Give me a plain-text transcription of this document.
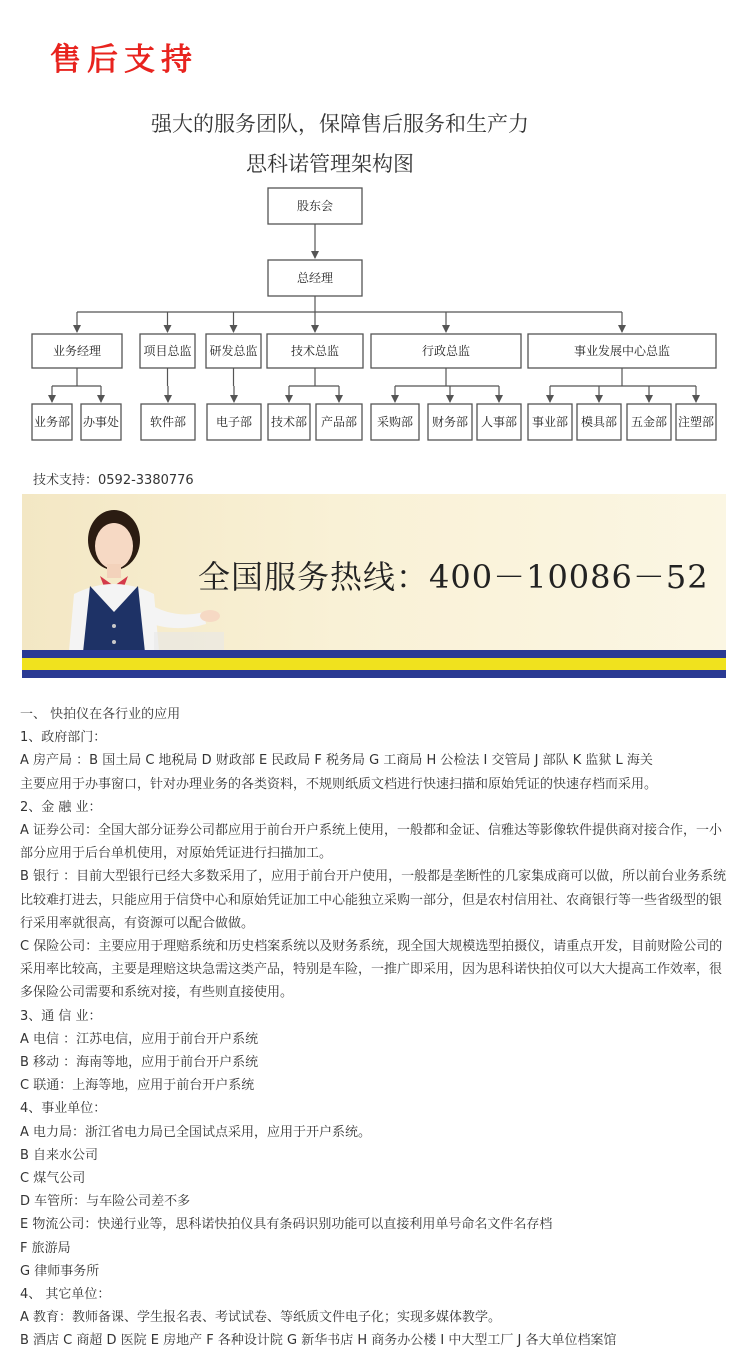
售后支持
强大的服务团队，保障售后服务和生产力
思科诺管理架构图
股东会
总经理
业务经理
业务部 办事处
项目总监
软件部
研发总监
电子部
技术总监
技术部 产品部
行政总监
采购部 财务部 人事部
事业发展中心总监
事业部 模具部 五金部 注塑部
技术支持：0592-3380776
全国服务热线：400－10086－52

一、 快拍仪在各行业的应用

1、政府部门：

A 房产局 ：B 国土局 C 地税局 D 财政部 E 民政局 F 税务局 G 工商局 H 公检法 I 交管局 J 部队 K 监狱 L 海关

主要应用于办事窗口，针对办理业务的各类资料，不规则纸质文档进行快速扫描和原始凭证的快速存档而采用。

2、金 融 业：

A 证券公司：全国大部分证券公司都应用于前台开户系统上使用，一般都和金证、信雅达等影像软件提供商对接合作，一小部分应用于后台单机使用，对原始凭证进行扫描加工。

B 银行 ：目前大型银行已经大多数采用了，应用于前台开户使用，一般都是垄断性的几家集成商可以做，所以前台业务系统比较难打进去，只能应用于信贷中心和原始凭证加工中心能独立采购一部分，但是农村信用社、农商银行等一些省级型的银行采用率就很高，有资源可以配合做做。

C 保险公司：主要应用于理赔系统和历史档案系统以及财务系统，现全国大规模选型拍摄仪，请重点开发，目前财险公司的采用率比较高，主要是理赔这块急需这类产品，特别是车险，一推广即采用，因为思科诺快拍仪可以大大提高工作效率，很多保险公司需要和系统对接，有些则直接使用。

3、通 信 业：

A 电信 ：江苏电信，应用于前台开户系统

B 移动 ：海南等地，应用于前台开户系统

C 联通：上海等地，应用于前台开户系统

4、事业单位：

A 电力局：浙江省电力局已全国试点采用，应用于开户系统。

B 自来水公司

C 煤气公司

D 车管所：与车险公司差不多

E 物流公司：快递行业等，思科诺快拍仪具有条码识别功能可以直接利用单号命名文件名存档

F 旅游局

G 律师事务所

4、 其它单位：

A 教育：教师备课、学生报名表、考试试卷、等纸质文件电子化；实现多媒体教学。

B 酒店 C 商超 D 医院 E 房地产 F 各种设计院 G 新华书店 H 商务办公楼 I 中大型工厂 J 各大单位档案馆
